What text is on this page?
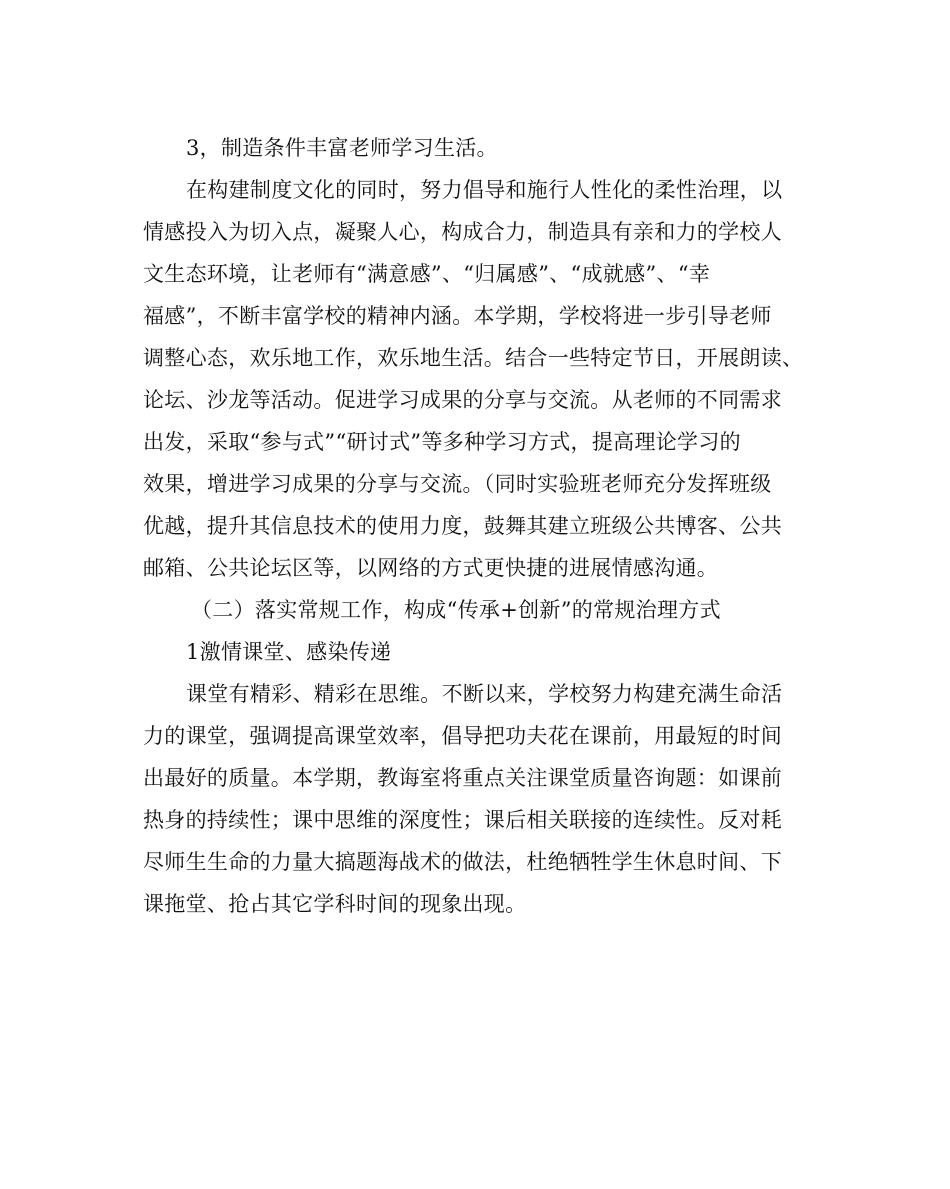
3，制造条件丰富老师学习生活。
在构建制度文化的同时，努力倡导和施行人性化的柔性治理，以
情感投入为切入点，凝聚人心，构成合力，制造具有亲和力的学校人
文生态环境，让老师有“满意感”、“归属感”、“成就感”、“幸
福感”，不断丰富学校的精神内涵。本学期，学校将进一步引导老师
调整心态，欢乐地工作，欢乐地生活。结合一些特定节日，开展朗读、
论坛、沙龙等活动。促进学习成果的分享与交流。从老师的不同需求
出发，采取“参与式”“研讨式”等多种学习方式，提高理论学习的
效果，增进学习成果的分享与交流。（同时实验班老师充分发挥班级
优越，提升其信息技术的使用力度，鼓舞其建立班级公共博客、公共
邮箱、公共论坛区等，以网络的方式更快捷的进展情感沟通。
（二）落实常规工作，构成“传承+创新”的常规治理方式
1激情课堂、感染传递
课堂有精彩、精彩在思维。不断以来，学校努力构建充满生命活
力的课堂，强调提高课堂效率，倡导把功夫花在课前，用最短的时间
出最好的质量。本学期，教诲室将重点关注课堂质量咨询题：如课前
热身的持续性；课中思维的深度性；课后相关联接的连续性。反对耗
尽师生生命的力量大搞题海战术的做法，杜绝牺牲学生休息时间、下
课拖堂、抢占其它学科时间的现象出现。
